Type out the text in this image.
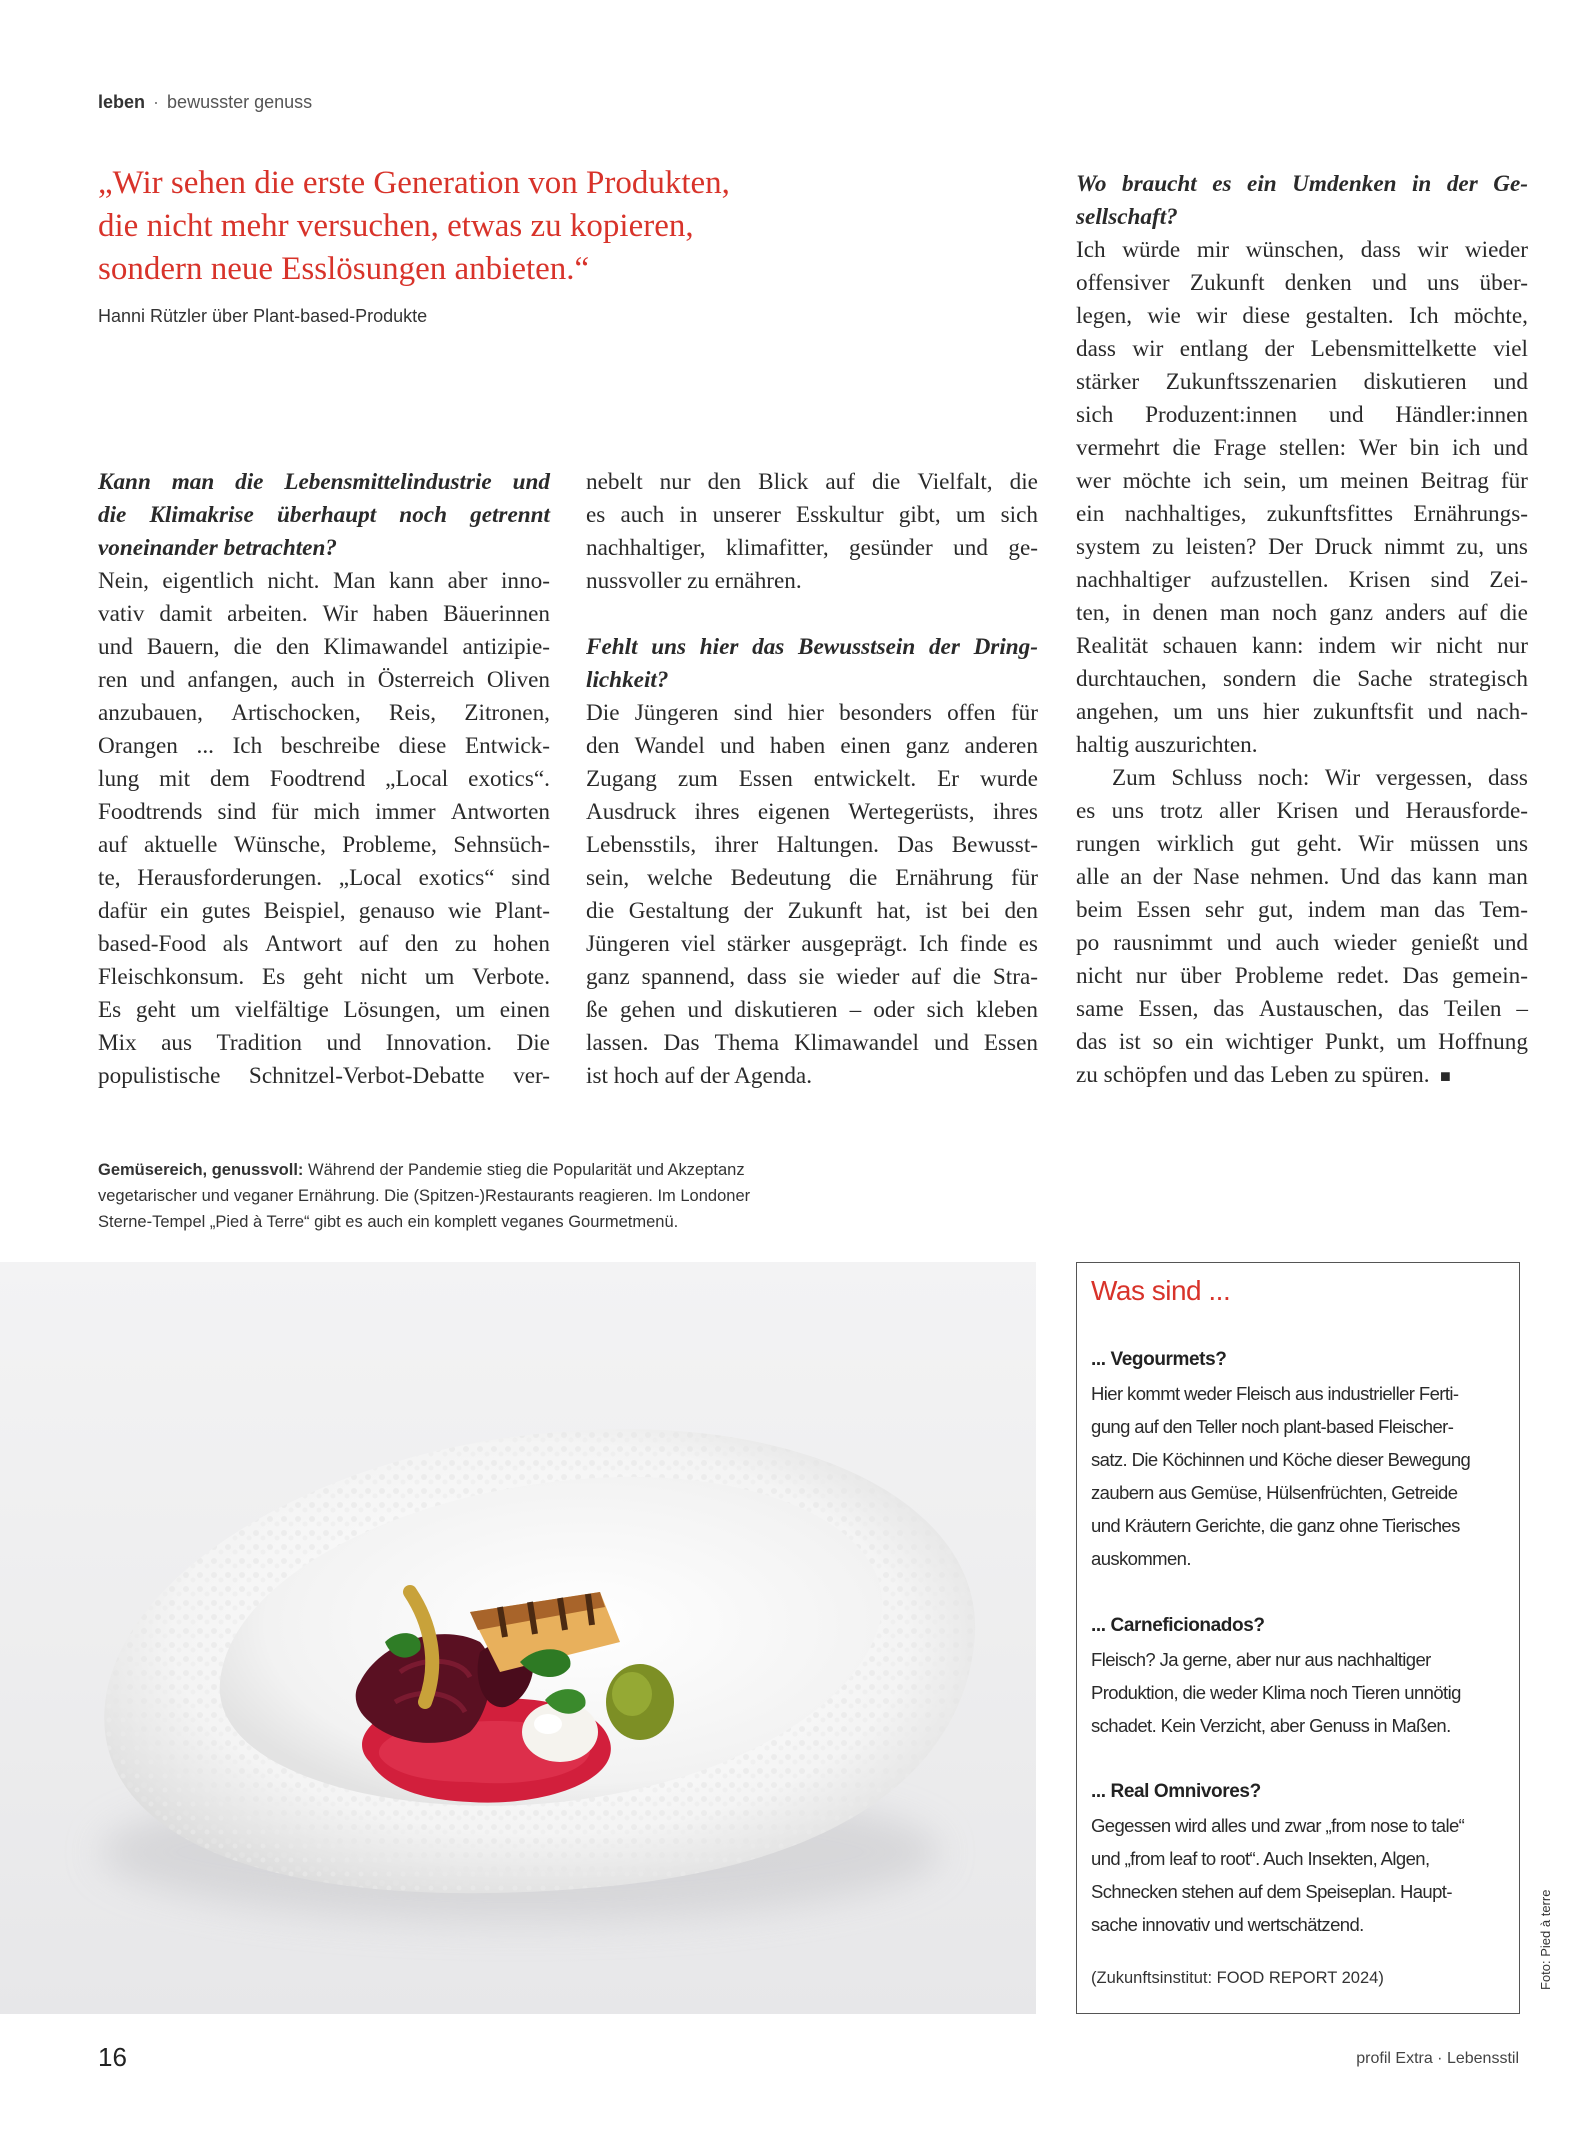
leben · bewusster genuss
„Wir sehen die erste Generation von Produkten,
die nicht mehr versuchen, etwas zu kopieren,
sondern neue Esslösungen anbieten.“
Hanni Rützler über Plant-based-Produkte
Kann man die Lebensmittelindustrie und
die Klimakrise überhaupt noch getrennt
voneinander betrachten?
Nein, eigentlich nicht. Man kann aber inno-
vativ damit arbeiten. Wir haben Bäuerinnen
und Bauern, die den Klimawandel antizipie-
ren und anfangen, auch in Österreich Oliven
anzubauen, Artischocken, Reis, Zitronen,
Orangen ... Ich beschreibe diese Entwick-
lung mit dem Foodtrend „Local exotics“.
Foodtrends sind für mich immer Antworten
auf aktuelle Wünsche, Probleme, Sehnsüch-
te, Herausforderungen. „Local exotics“ sind
dafür ein gutes Beispiel, genauso wie Plant-
based-Food als Antwort auf den zu hohen
Fleischkonsum. Es geht nicht um Verbote.
Es geht um vielfältige Lösungen, um einen
Mix aus Tradition und Innovation. Die
populistische Schnitzel-Verbot-Debatte ver-
nebelt nur den Blick auf die Vielfalt, die
es auch in unserer Esskultur gibt, um sich
nachhaltiger, klimafitter, gesünder und ge-
nussvoller zu ernähren.
Fehlt uns hier das Bewusstsein der Dring-
lichkeit?
Die Jüngeren sind hier besonders offen für
den Wandel und haben einen ganz anderen
Zugang zum Essen entwickelt. Er wurde
Ausdruck ihres eigenen Wertegerüsts, ihres
Lebensstils, ihrer Haltungen. Das Bewusst-
sein, welche Bedeutung die Ernährung für
die Gestaltung der Zukunft hat, ist bei den
Jüngeren viel stärker ausgeprägt. Ich finde es
ganz spannend, dass sie wieder auf die Stra-
ße gehen und diskutieren – oder sich kleben
lassen. Das Thema Klimawandel und Essen
ist hoch auf der Agenda.
Wo braucht es ein Umdenken in der Ge-
sellschaft?
Ich würde mir wünschen, dass wir wieder
offensiver Zukunft denken und uns über-
legen, wie wir diese gestalten. Ich möchte,
dass wir entlang der Lebensmittelkette viel
stärker Zukunftsszenarien diskutieren und
sich Produzent:innen und Händler:innen
vermehrt die Frage stellen: Wer bin ich und
wer möchte ich sein, um meinen Beitrag für
ein nachhaltiges, zukunftsfittes Ernährungs-
system zu leisten? Der Druck nimmt zu, uns
nachhaltiger aufzustellen. Krisen sind Zei-
ten, in denen man noch ganz anders auf die
Realität schauen kann: indem wir nicht nur
durchtauchen, sondern die Sache strategisch
angehen, um uns hier zukunftsfit und nach-
haltig auszurichten.
Zum Schluss noch: Wir vergessen, dass
es uns trotz aller Krisen und Herausforde-
rungen wirklich gut geht. Wir müssen uns
alle an der Nase nehmen. Und das kann man
beim Essen sehr gut, indem man das Tem-
po rausnimmt und auch wieder genießt und
nicht nur über Probleme redet. Das gemein-
same Essen, das Austauschen, das Teilen –
das ist so ein wichtiger Punkt, um Hoffnung
zu schöpfen und das Leben zu spüren. ■
Gemüsereich, genussvoll: Während der Pandemie stieg die Popularität und Akzeptanz
vegetarischer und veganer Ernährung. Die (Spitzen-)Restaurants reagieren. Im Londoner
Sterne-Tempel „Pied à Terre“ gibt es auch ein komplett veganes Gourmetmenü.
Was sind ...
... Vegourmets?
Hier kommt weder Fleisch aus industrieller Ferti-
gung auf den Teller noch plant-based Fleischer-
satz. Die Köchinnen und Köche dieser Bewegung
zaubern aus Gemüse, Hülsenfrüchten, Getreide
und Kräutern Gerichte, die ganz ohne Tierisches
auskommen.
... Carneficionados?
Fleisch? Ja gerne, aber nur aus nachhaltiger
Produktion, die weder Klima noch Tieren unnötig
schadet. Kein Verzicht, aber Genuss in Maßen.
... Real Omnivores?
Gegessen wird alles und zwar „from nose to tale“
und „from leaf to root“. Auch Insekten, Algen,
Schnecken stehen auf dem Speiseplan. Haupt-
sache innovativ und wertschätzend.
(Zukunftsinstitut: FOOD REPORT 2024)	Foto: Pied à terre
16	profil Extra · Lebensstil
